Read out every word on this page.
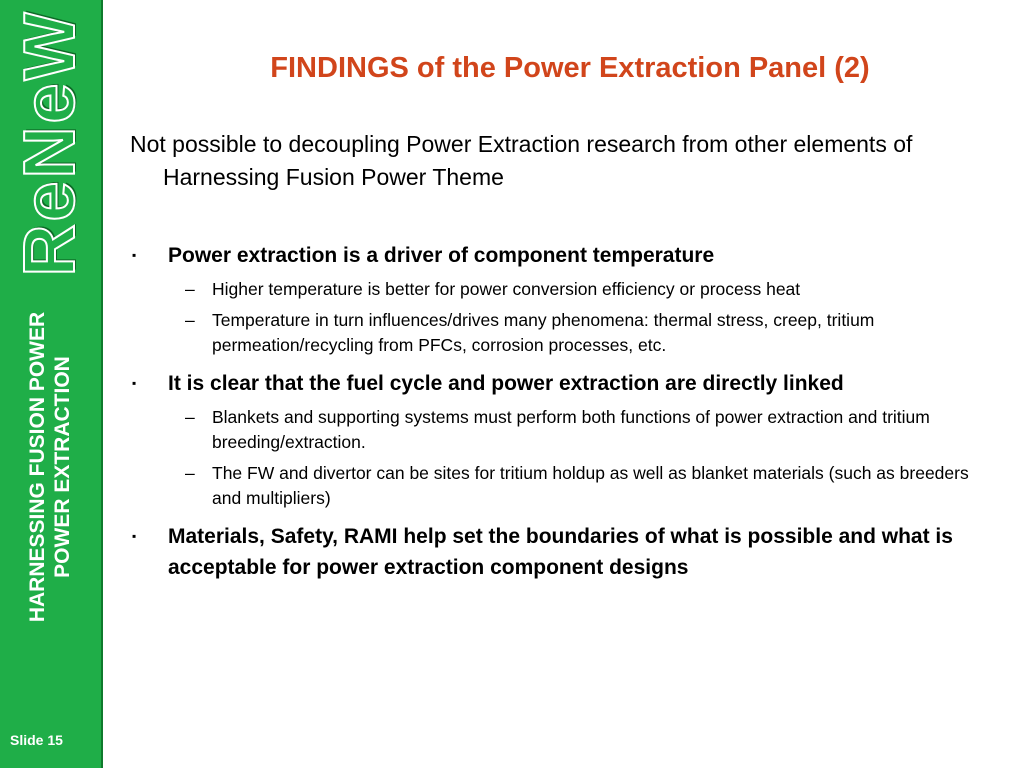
ReNeW
HARNESSING FUSION POWER POWER EXTRACTION
Slide 15
FINDINGS of the Power Extraction Panel (2)
Not possible to decoupling Power Extraction research from other elements of Harnessing Fusion Power Theme
▪ Power extraction is a driver of component temperature
– Higher temperature is better for power conversion efficiency or process heat
– Temperature in turn influences/drives many phenomena: thermal stress, creep, tritium permeation/recycling from PFCs, corrosion processes, etc.
▪ It is clear that the fuel cycle and power extraction are directly linked
– Blankets and supporting systems must perform both functions of power extraction and tritium breeding/extraction.
– The FW and divertor can be sites for tritium holdup as well as blanket materials (such as breeders and multipliers)
▪ Materials, Safety, RAMI help set the boundaries of what is possible and what is acceptable for power extraction component designs
